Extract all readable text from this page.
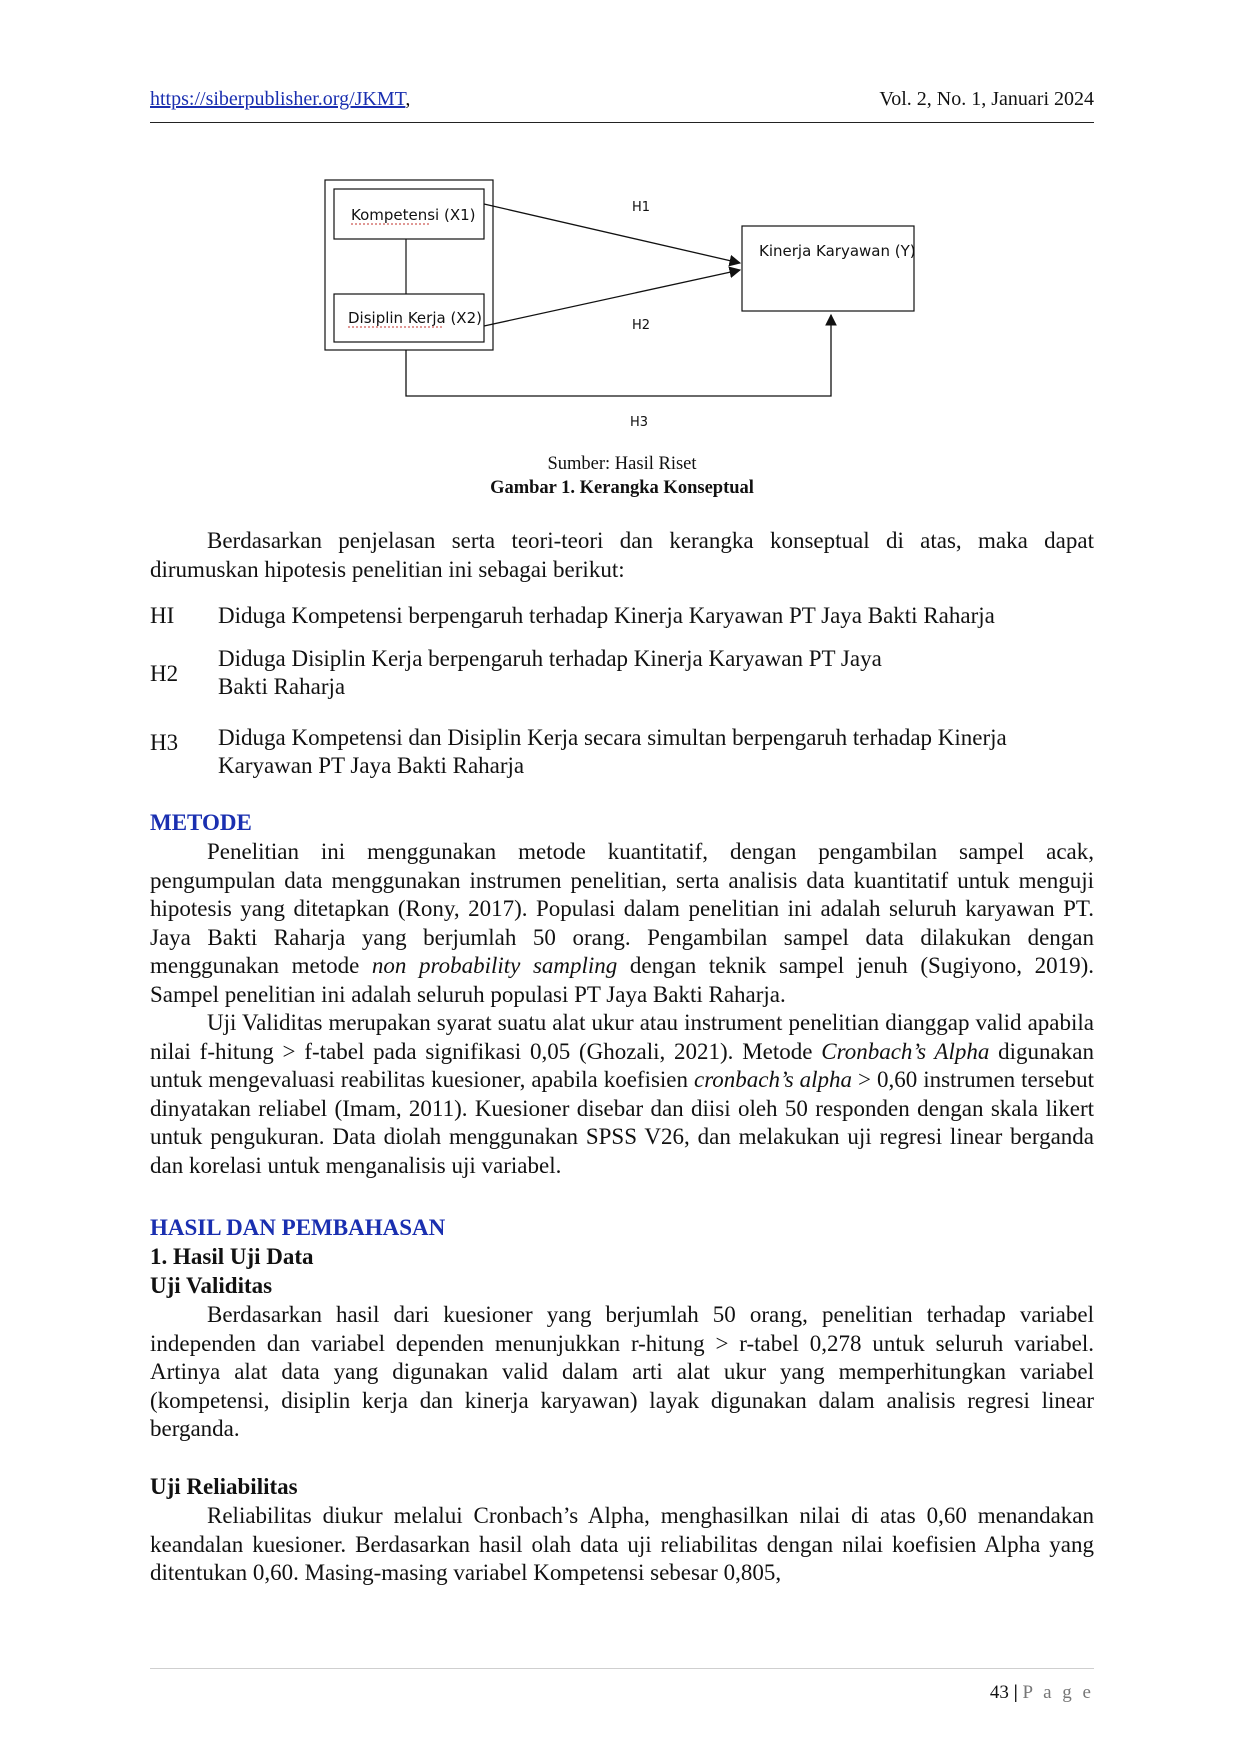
https://siberpublisher.org/JKMT,	Vol. 2, No. 1, Januari 2024
Kompetensi (X1)
Disiplin Kerja (X2)
Kinerja Karyawan (Y)
H1
H2
H3
Sumber: Hasil Riset
Gambar 1. Kerangka Konseptual

Berdasarkan penjelasan serta teori-teori dan kerangka konseptual di atas, maka dapat dirumuskan hipotesis penelitian ini sebagai berikut:

HI Diduga Kompetensi berpengaruh terhadap Kinerja Karyawan PT Jaya Bakti Raharja
H2
Diduga Disiplin Kerja berpengaruh terhadap Kinerja Karyawan PT Jaya Bakti Raharja
H3 Diduga Kompetensi dan Disiplin Kerja secara simultan berpengaruh terhadap Kinerja Karyawan PT Jaya Bakti Raharja
METODE

Penelitian ini menggunakan metode kuantitatif, dengan pengambilan sampel acak, pengumpulan data menggunakan instrumen penelitian, serta analisis data kuantitatif untuk menguji hipotesis yang ditetapkan (Rony, 2017). Populasi dalam penelitian ini adalah seluruh karyawan PT. Jaya Bakti Raharja yang berjumlah 50 orang. Pengambilan sampel data dilakukan dengan menggunakan metode non probability sampling dengan teknik sampel jenuh (Sugiyono, 2019). Sampel penelitian ini adalah seluruh populasi PT Jaya Bakti Raharja.

Uji Validitas merupakan syarat suatu alat ukur atau instrument penelitian dianggap valid apabila nilai f-hitung > f-tabel pada signifikasi 0,05 (Ghozali, 2021). Metode Cronbach’s Alpha digunakan untuk mengevaluasi reabilitas kuesioner, apabila koefisien cronbach’s alpha > 0,60 instrumen tersebut dinyatakan reliabel (Imam, 2011). Kuesioner disebar dan diisi oleh 50 responden dengan skala likert untuk pengukuran. Data diolah menggunakan SPSS V26, dan melakukan uji regresi linear berganda dan korelasi untuk menganalisis uji variabel.

HASIL DAN PEMBAHASAN
1. Hasil Uji Data
Uji Validitas

Berdasarkan hasil dari kuesioner yang berjumlah 50 orang, penelitian terhadap variabel independen dan variabel dependen menunjukkan r-hitung > r-tabel 0,278 untuk seluruh variabel. Artinya alat data yang digunakan valid dalam arti alat ukur yang memperhitungkan variabel (kompetensi, disiplin kerja dan kinerja karyawan) layak digunakan dalam analisis regresi linear berganda.

Uji Reliabilitas

Reliabilitas diukur melalui Cronbach’s Alpha, menghasilkan nilai di atas 0,60 menandakan keandalan kuesioner. Berdasarkan hasil olah data uji reliabilitas dengan nilai koefisien Alpha yang ditentukan 0,60. Masing-masing variabel Kompetensi sebesar 0,805,

43 | P a g e
